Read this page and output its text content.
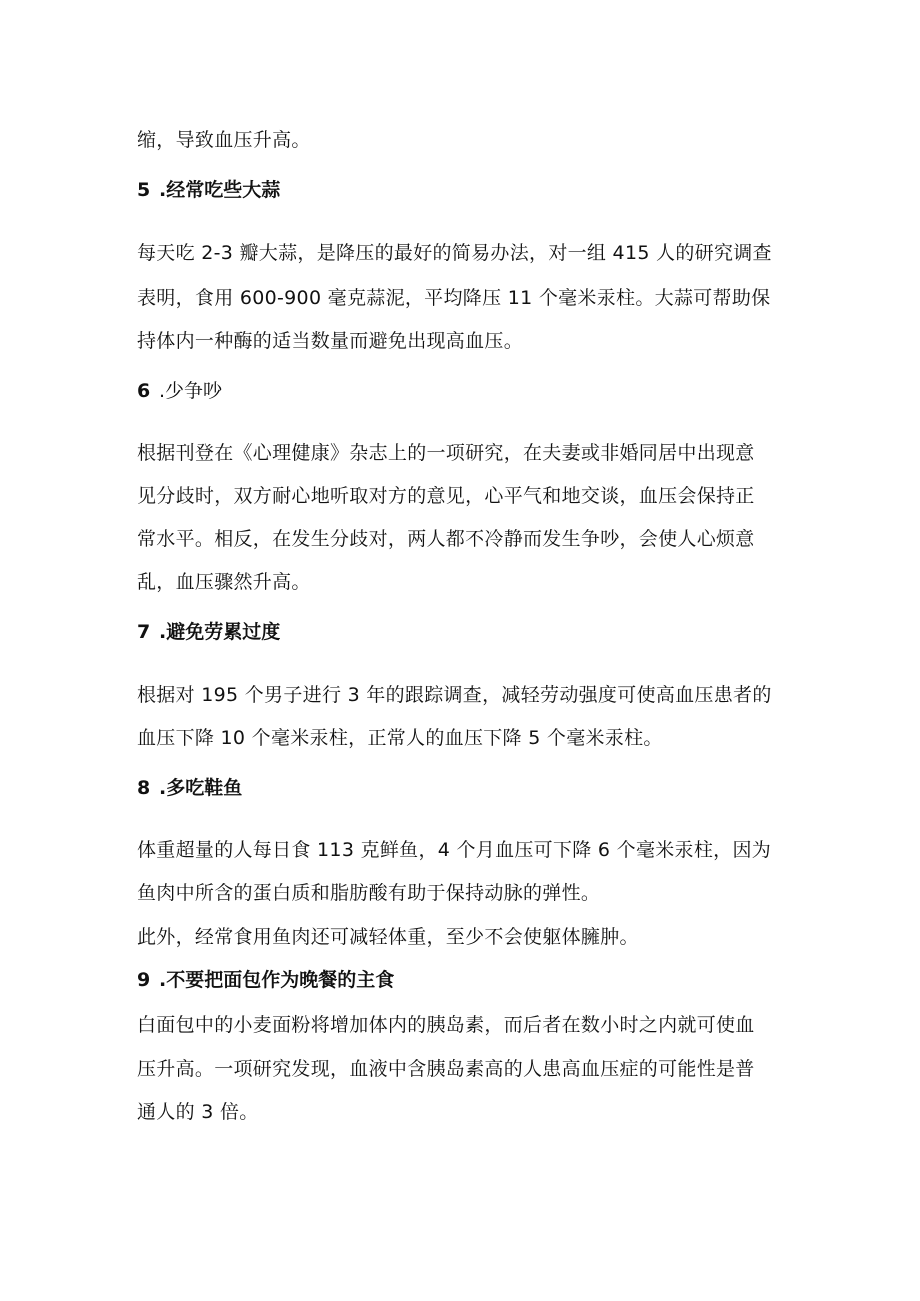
缩，导致血压升高。
5 .经常吃些大蒜
每天吃 2-3 瓣大蒜，是降压的最好的简易办法，对一组 415 人的研究调查
表明，食用 600-900 毫克蒜泥，平均降压 11 个毫米汞柱。大蒜可帮助保
持体内一种酶的适当数量而避免出现高血压。
6 .少争吵
根据刊登在《心理健康》杂志上的一项研究，在夫妻或非婚同居中出现意
见分歧时，双方耐心地听取对方的意见，心平气和地交谈，血压会保持正
常水平。相反，在发生分歧对，两人都不冷静而发生争吵，会使人心烦意
乱，血压骤然升高。
7 .避免劳累过度
根据对 195 个男子进行 3 年的跟踪调查，减轻劳动强度可使高血压患者的
血压下降 10 个毫米汞柱，正常人的血压下降 5 个毫米汞柱。
8 .多吃鞋鱼
体重超量的人每日食 113 克鲜鱼，4 个月血压可下降 6 个毫米汞柱，因为
鱼肉中所含的蛋白质和脂肪酸有助于保持动脉的弹性。
此外，经常食用鱼肉还可减轻体重，至少不会使躯体臃肿。
9 .不要把面包作为晚餐的主食
白面包中的小麦面粉将增加体内的胰岛素，而后者在数小时之内就可使血
压升高。一项研究发现，血液中含胰岛素高的人患高血压症的可能性是普
通人的 3 倍。
